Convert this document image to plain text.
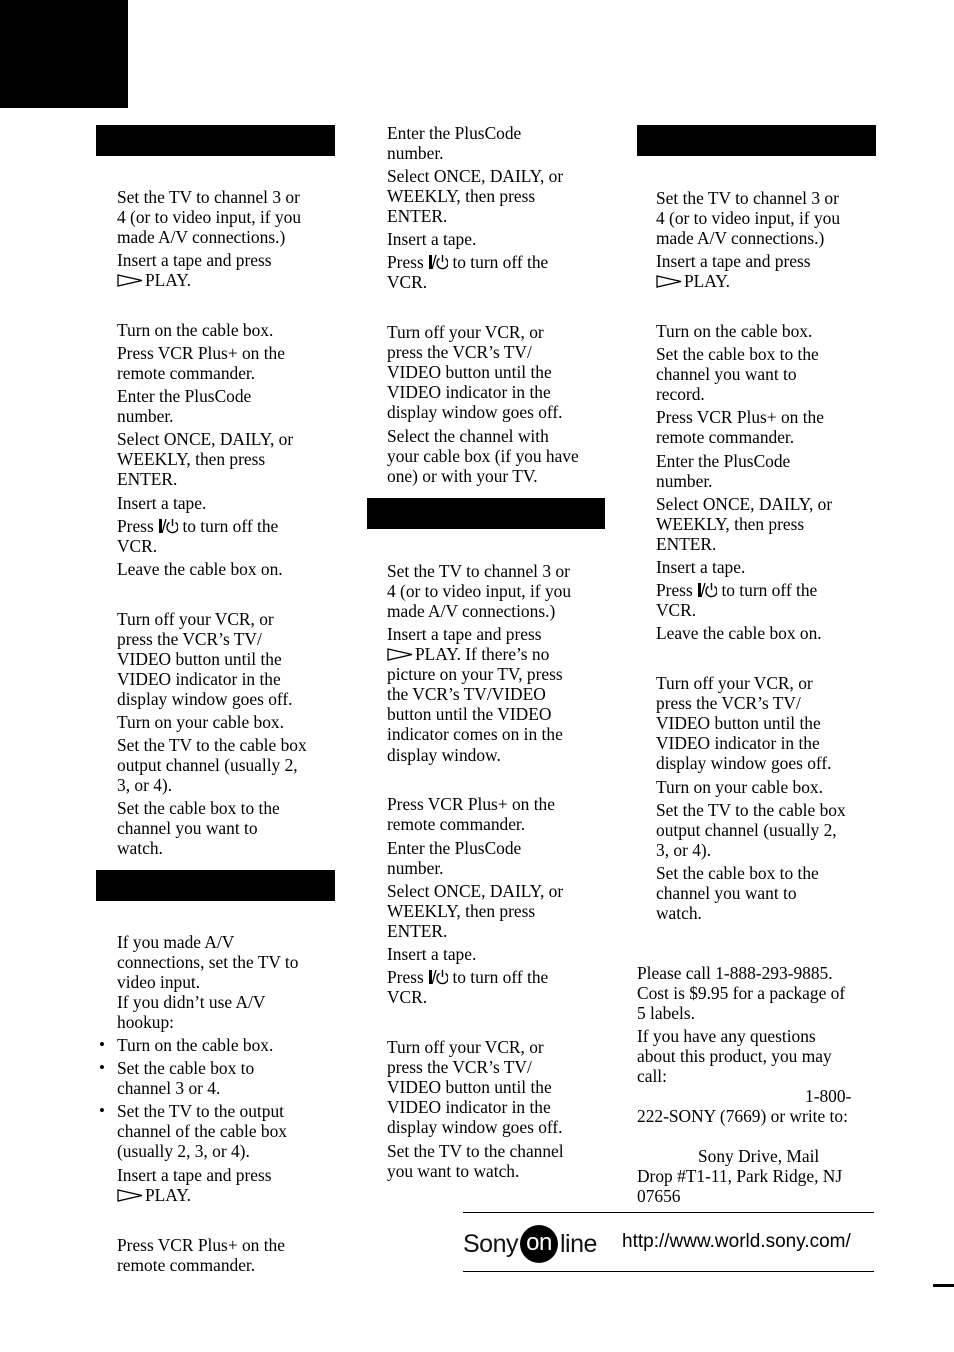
Set the TV to channel 3 or
4 (or to video input, if you
made A/V connections.)
Insert a tape and press
PLAY.
Turn on the cable box.
Press VCR Plus+ on the
remote commander.
Enter the PlusCode
number.
Select ONCE, DAILY, or
WEEKLY, then press
ENTER.
Insert a tape.
Press to turn off the
VCR.
Leave the cable box on.
Turn off your VCR, or
press the VCR’s TV/
VIDEO button until the
VIDEO indicator in the
display window goes off.
Turn on your cable box.
Set the TV to the cable box
output channel (usually 2,
3, or 4).
Set the cable box to the
channel you want to
watch.
If you made A/V
connections, set the TV to
video input.
If you didn’t use A/V
hookup:
• Turn on the cable box.
• Set the cable box to
channel 3 or 4.
• Set the TV to the output
channel of the cable box
(usually 2, 3, or 4).
Insert a tape and press
PLAY.
Press VCR Plus+ on the
remote commander.
Enter the PlusCode
number.
Select ONCE, DAILY, or
WEEKLY, then press
ENTER.
Insert a tape.
Press to turn off the
VCR.
Turn off your VCR, or
press the VCR’s TV/
VIDEO button until the
VIDEO indicator in the
display window goes off.
Select the channel with
your cable box (if you have
one) or with your TV.
Set the TV to channel 3 or
4 (or to video input, if you
made A/V connections.)
Insert a tape and press
PLAY. If there’s no
picture on your TV, press
the VCR’s TV/VIDEO
button until the VIDEO
indicator comes on in the
display window.
Press VCR Plus+ on the
remote commander.
Enter the PlusCode
number.
Select ONCE, DAILY, or
WEEKLY, then press
ENTER.
Insert a tape.
Press to turn off the
VCR.
Turn off your VCR, or
press the VCR’s TV/
VIDEO button until the
VIDEO indicator in the
display window goes off.
Set the TV to the channel
you want to watch.
Set the TV to channel 3 or
4 (or to video input, if you
made A/V connections.)
Insert a tape and press
PLAY.
Turn on the cable box.
Set the cable box to the
channel you want to
record.
Press VCR Plus+ on the
remote commander.
Enter the PlusCode
number.
Select ONCE, DAILY, or
WEEKLY, then press
ENTER.
Insert a tape.
Press to turn off the
VCR.
Leave the cable box on.
Turn off your VCR, or
press the VCR’s TV/
VIDEO button until the
VIDEO indicator in the
display window goes off.
Turn on your cable box.
Set the TV to the cable box
output channel (usually 2,
3, or 4).
Set the cable box to the
channel you want to
watch.
Please call 1-888-293-9885.
Cost is $9.95 for a package of
5 labels.
If you have any questions
about this product, you may
call:
1-800-
222-SONY (7669) or write to:
Sony Drive, Mail
Drop #T1-11, Park Ridge, NJ
07656
Sony on line http://www.world.sony.com/
